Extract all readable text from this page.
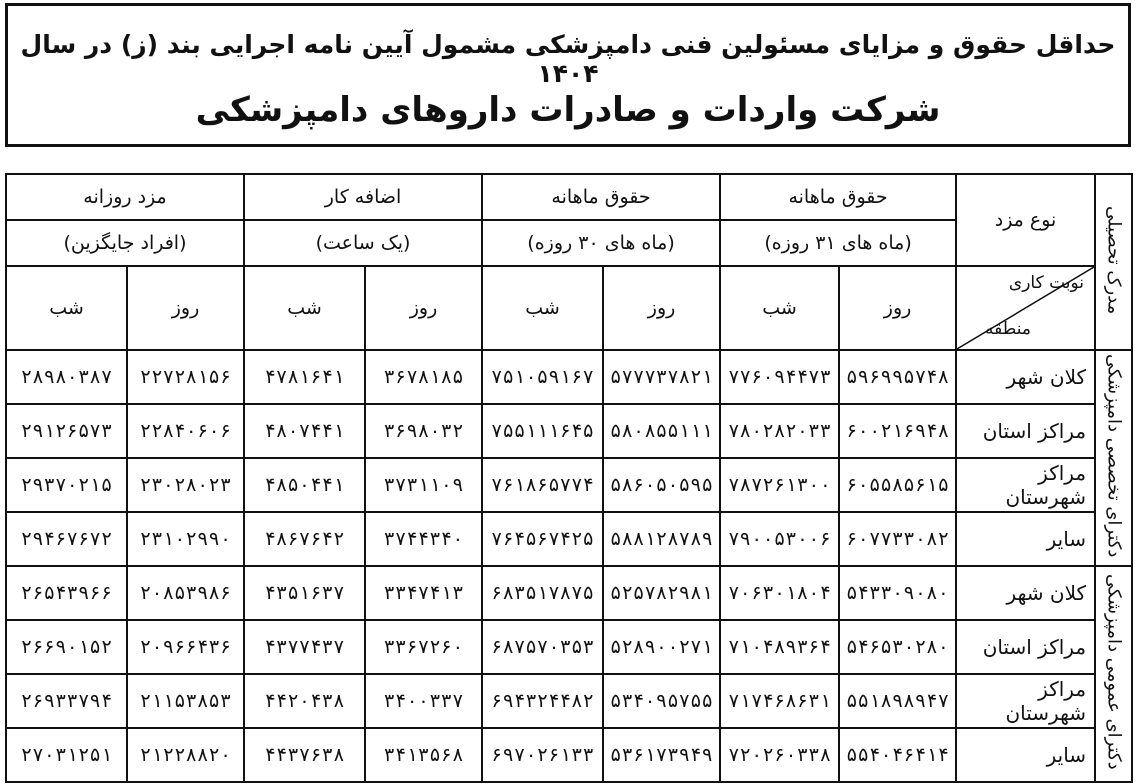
حداقل حقوق و مزایای مسئولین فنی دامپزشکی مشمول آیین نامه اجرایی بند (ز) در سال ۱۴۰۴
شرکت واردات و صادرات داروهای دامپزشکی
مدرک تحصیلی	نوع مزد	حقوق ماهانه		حقوق ماهانه		اضافه کار		مزد روزانه	
		(ماه های ۳۱ روزه)		(ماه های ۳۰ روزه)		(یک ساعت)		(افراد جایگزین)	

	نوبت کاری
منطقه	روز	شب	روز	شب	روز	شب	روز	شب
دکترای تخصصی دامپزشکی	کلان شهر	۵۹۶۹۹۵۷۴۸	۷۷۶۰۹۴۴۷۳	۵۷۷۷۳۷۸۲۱	۷۵۱۰۵۹۱۶۷	۳۶۷۸۱۸۵	۴۷۸۱۶۴۱	۲۲۷۲۸۱۵۶	۲۸۹۸۰۳۸۷
	مراکز استان	۶۰۰۲۱۶۹۴۸	۷۸۰۲۸۲۰۳۳	۵۸۰۸۵۵۱۱۱	۷۵۵۱۱۱۶۴۵	۳۶۹۸۰۳۲	۴۸۰۷۴۴۱	۲۲۸۴۰۶۰۶	۲۹۱۲۶۵۷۳
	مراکز شهرستان	۶۰۵۵۸۵۶۱۵	۷۸۷۲۶۱۳۰۰	۵۸۶۰۵۰۵۹۵	۷۶۱۸۶۵۷۷۴	۳۷۳۱۱۰۹	۴۸۵۰۴۴۱	۲۳۰۲۸۰۲۳	۲۹۳۷۰۲۱۵
	سایر	۶۰۷۷۳۳۰۸۲	۷۹۰۰۵۳۰۰۶	۵۸۸۱۲۸۷۸۹	۷۶۴۵۶۷۴۲۵	۳۷۴۴۳۴۰	۴۸۶۷۶۴۲	۲۳۱۰۲۹۹۰	۲۹۴۶۷۶۷۲
دکترای عمومی دامپزشکی	کلان شهر	۵۴۳۳۰۹۰۸۰	۷۰۶۳۰۱۸۰۴	۵۲۵۷۸۲۹۸۱	۶۸۳۵۱۷۸۷۵	۳۳۴۷۴۱۳	۴۳۵۱۶۳۷	۲۰۸۵۳۹۸۶	۲۶۵۴۳۹۶۶
	مراکز استان	۵۴۶۵۳۰۲۸۰	۷۱۰۴۸۹۳۶۴	۵۲۸۹۰۰۲۷۱	۶۸۷۵۷۰۳۵۳	۳۳۶۷۲۶۰	۴۳۷۷۴۳۷	۲۰۹۶۶۴۳۶	۲۶۶۹۰۱۵۲
	مراکز شهرستان	۵۵۱۸۹۸۹۴۷	۷۱۷۴۶۸۶۳۱	۵۳۴۰۹۵۷۵۵	۶۹۴۳۲۴۴۸۲	۳۴۰۰۳۳۷	۴۴۲۰۴۳۸	۲۱۱۵۳۸۵۳	۲۶۹۳۳۷۹۴
	سایر	۵۵۴۰۴۶۴۱۴	۷۲۰۲۶۰۳۳۸	۵۳۶۱۷۳۹۴۹	۶۹۷۰۲۶۱۳۳	۳۴۱۳۵۶۸	۴۴۳۷۶۳۸	۲۱۲۲۸۸۲۰	۲۷۰۳۱۲۵۱
